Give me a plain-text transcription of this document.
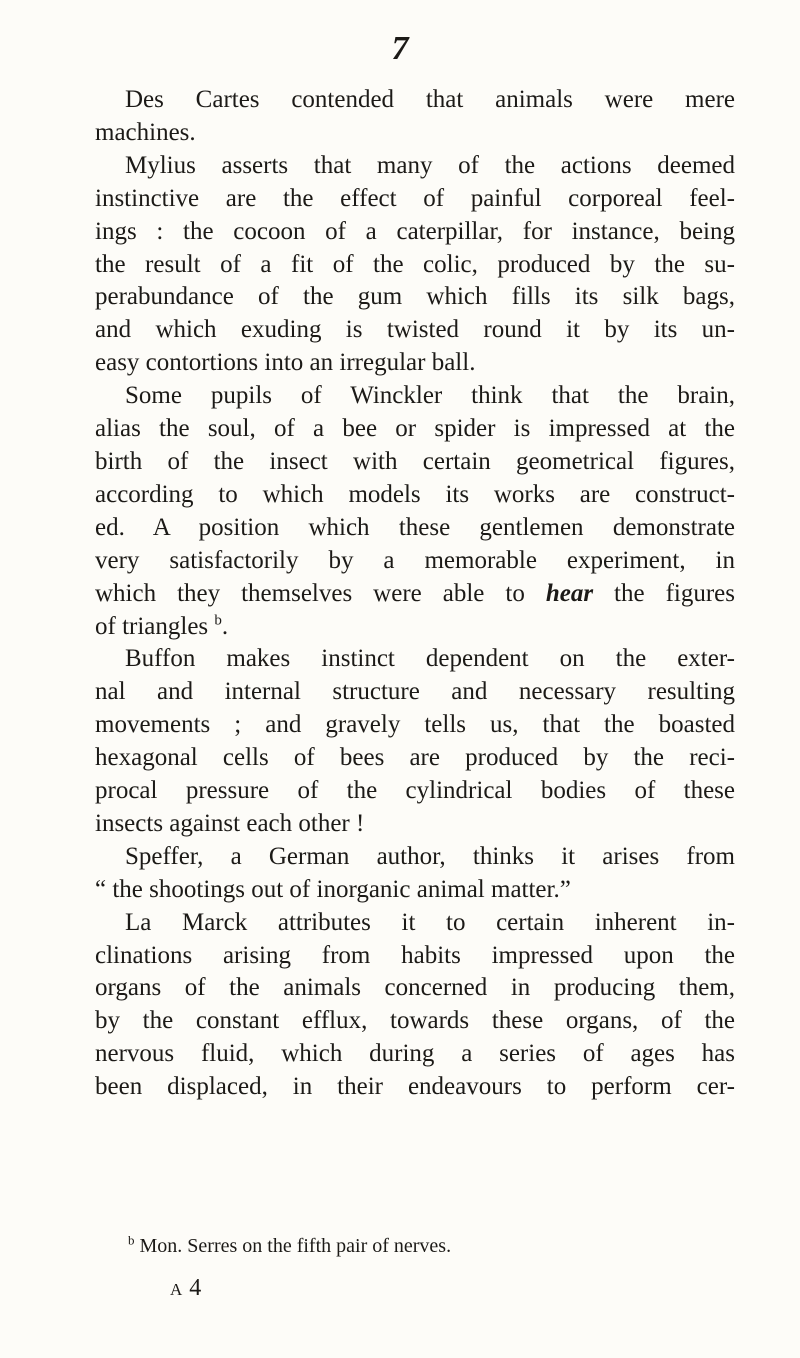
7
Des Cartes contended that animals were mere
machines.
Mylius asserts that many of the actions deemed
instinctive are the effect of painful corporeal feel-
ings : the cocoon of a caterpillar, for instance, being
the result of a fit of the colic, produced by the su-
perabundance of the gum which fills its silk bags,
and which exuding is twisted round it by its un-
easy contortions into an irregular ball.
Some pupils of Winckler think that the brain,
alias the soul, of a bee or spider is impressed at the
birth of the insect with certain geometrical figures,
according to which models its works are construct-
ed. A position which these gentlemen demonstrate
very satisfactorily by a memorable experiment, in
which they themselves were able to hear the figures
of triangles $^b$.
Buffon makes instinct dependent on the exter-
nal and internal structure and necessary resulting
movements ; and gravely tells us, that the boasted
hexagonal cells of bees are produced by the reci-
procal pressure of the cylindrical bodies of these
insects against each other !
Speffer, a German author, thinks it arises from
“ the shootings out of inorganic animal matter.”
La Marck attributes it to certain inherent in-
clinations arising from habits impressed upon the
organs of the animals concerned in producing them,
by the constant efflux, towards these organs, of the
nervous fluid, which during a series of ages has
been displaced, in their endeavours to perform cer-
$^b$ Mon. Serres on the fifth pair of nerves.
A 4
